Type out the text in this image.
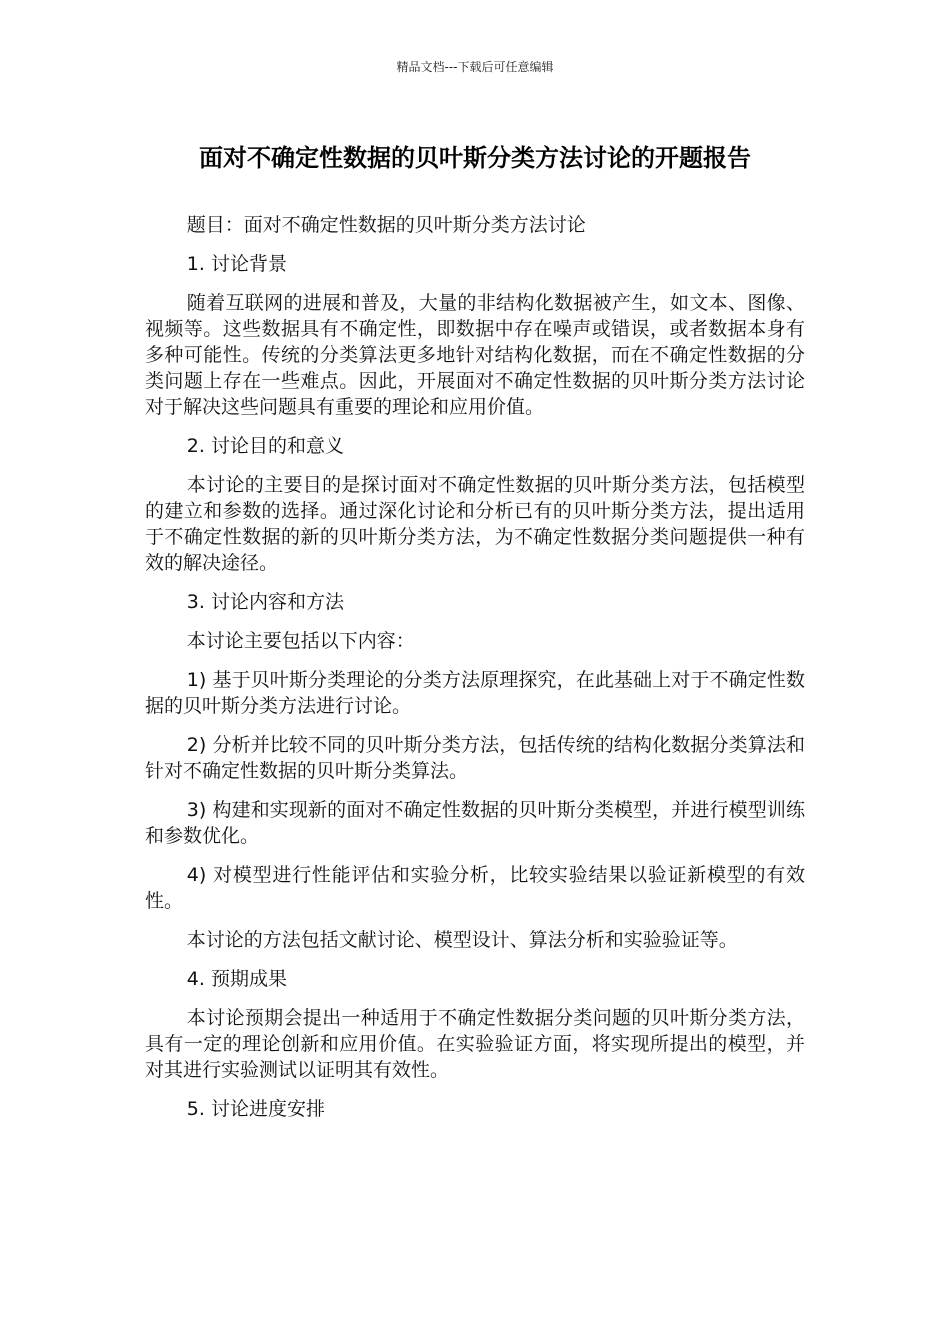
精品文档---下载后可任意编辑
面对不确定性数据的贝叶斯分类方法讨论的开题报告

题目：面对不确定性数据的贝叶斯分类方法讨论

1. 讨论背景

随着互联网的进展和普及，大量的非结构化数据被产生，如文本、图像、视频等。这些数据具有不确定性，即数据中存在噪声或错误，或者数据本身有多种可能性。传统的分类算法更多地针对结构化数据，而在不确定性数据的分类问题上存在一些难点。因此，开展面对不确定性数据的贝叶斯分类方法讨论对于解决这些问题具有重要的理论和应用价值。

2. 讨论目的和意义

本讨论的主要目的是探讨面对不确定性数据的贝叶斯分类方法，包括模型的建立和参数的选择。通过深化讨论和分析已有的贝叶斯分类方法，提出适用于不确定性数据的新的贝叶斯分类方法，为不确定性数据分类问题提供一种有效的解决途径。

3. 讨论内容和方法

本讨论主要包括以下内容：

1) 基于贝叶斯分类理论的分类方法原理探究，在此基础上对于不确定性数据的贝叶斯分类方法进行讨论。

2) 分析并比较不同的贝叶斯分类方法，包括传统的结构化数据分类算法和针对不确定性数据的贝叶斯分类算法。

3) 构建和实现新的面对不确定性数据的贝叶斯分类模型，并进行模型训练和参数优化。

4) 对模型进行性能评估和实验分析，比较实验结果以验证新模型的有效性。

本讨论的方法包括文献讨论、模型设计、算法分析和实验验证等。

4. 预期成果

本讨论预期会提出一种适用于不确定性数据分类问题的贝叶斯分类方法，具有一定的理论创新和应用价值。在实验验证方面，将实现所提出的模型，并对其进行实验测试以证明其有效性。

5. 讨论进度安排
